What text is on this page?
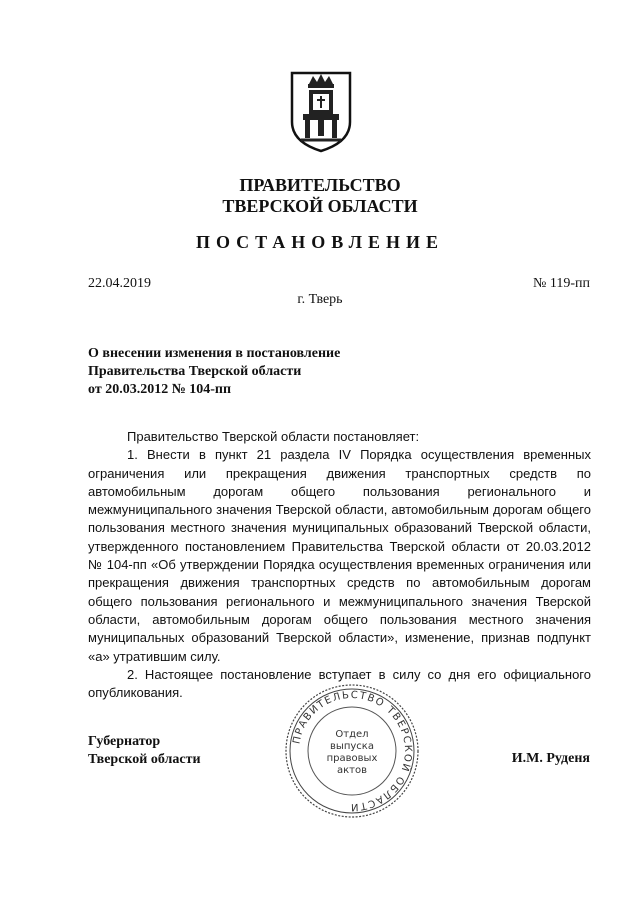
ПРАВИТЕЛЬСТВО
ТВЕРСКОЙ ОБЛАСТИ
ПОСТАНОВЛЕНИЕ
22.04.2019	№ 119-пп
г. Тверь
О внесении изменения в постановление
Правительства Тверской области
от 20.03.2012 № 104-пп

Правительство Тверской области постановляет:

1. Внести в пункт 21 раздела IV Порядка осуществления временных ограничения или прекращения движения транспортных средств по автомобильным дорогам общего пользования регионального и межмуниципального значения Тверской области, автомобильным дорогам общего пользования местного значения муниципальных образований Тверской области, утвержденного постановлением Правительства Тверской области от 20.03.2012 № 104-пп «Об утверждении Порядка осуществления временных ограничения или прекращения движения транспортных средств по автомобильным дорогам общего пользования регионального и межмуниципального значения Тверской области, автомобильным дорогам общего пользования местного значения муниципальных образований Тверской области», изменение, признав подпункт «а» утратившим силу.

2. Настоящее постановление вступает в силу со дня его официального опубликования.

Губернатор
Тверской области	И.М. Руденя
ПРАВИТЕЛЬСТВО ТВЕРСКОЙ ОБЛАСТИ
Отдел
выпуска
правовых
актов
